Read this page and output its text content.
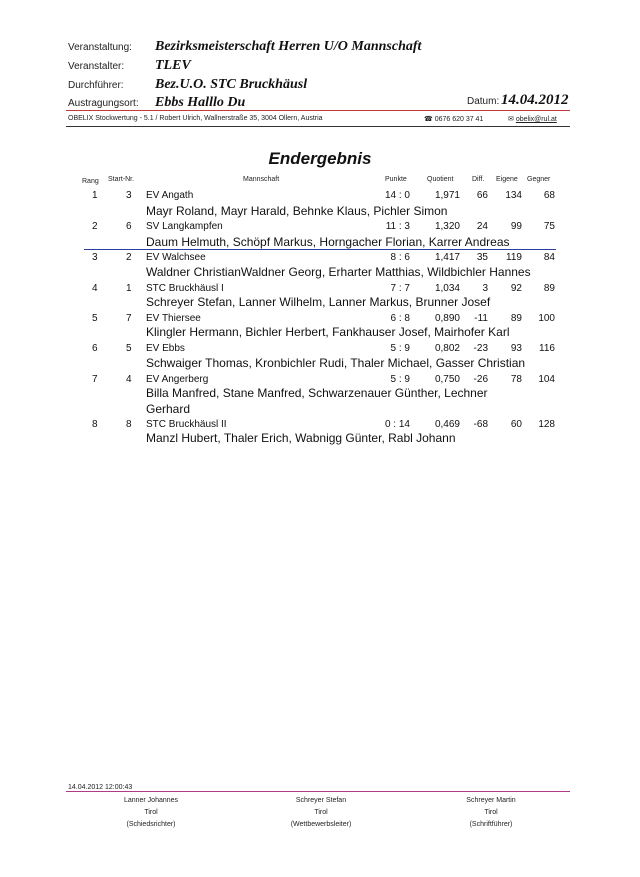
Veranstaltung: Bezirksmeisterschaft Herren U/O Mannschaft
Veranstalter: TLEV
Durchführer: Bez.U.O. STC Bruckhäusl
Austragungsort: Ebbs Halllo Du	Datum: 14.04.2012
OBELIX Stockwertung - 5.1 / Robert Ulrich, Wallnerstraße 35, 3004 Ollern, Austria	☎ 0676 620 37 41	✉ obelix@rul.at
Endergebnis
Rang Start-Nr.	Mannschaft	Punkte	Quotient	Diff. Eigene Gegner
1	3 EV Angath	14 : 0	1,971	66	134	68
Mayr Roland, Mayr Harald, Behnke Klaus, Pichler Simon
2	6 SV Langkampfen	11 : 3	1,320	24	99	75
Daum Helmuth, Schöpf Markus, Horngacher Florian, Karrer Andreas
3	2 EV Walchsee	8 : 6	1,417	35	119	84
Waldner ChristianWaldner Georg, Erharter Matthias, Wildbichler Hannes
4	1 STC Bruckhäusl I	7 : 7	1,034	3	92	89
Schreyer Stefan, Lanner Wilhelm, Lanner Markus, Brunner Josef
5	7 EV Thiersee	6 : 8	0,890	-11	89	100
Klingler Hermann, Bichler Herbert, Fankhauser Josef, Mairhofer Karl
6	5 EV Ebbs	5 : 9	0,802	-23	93	116
Schwaiger Thomas, Kronbichler Rudi, Thaler Michael, Gasser Christian
7	4 EV Angerberg	5 : 9	0,750	-26	78	104
Billa Manfred, Stane Manfred, Schwarzenauer Günther, Lechner
Gerhard
8	8 STC Bruckhäusl II	0 : 14	0,469	-68	60	128
Manzl Hubert, Thaler Erich, Wabnigg Günter, Rabl Johann
14.04.2012 12:00:43
Lanner Johannes
Tirol
(Schiedsrichter)
Schreyer Stefan
Tirol
(Wettbewerbsleiter)
Schreyer Martin
Tirol
(Schriftführer)
